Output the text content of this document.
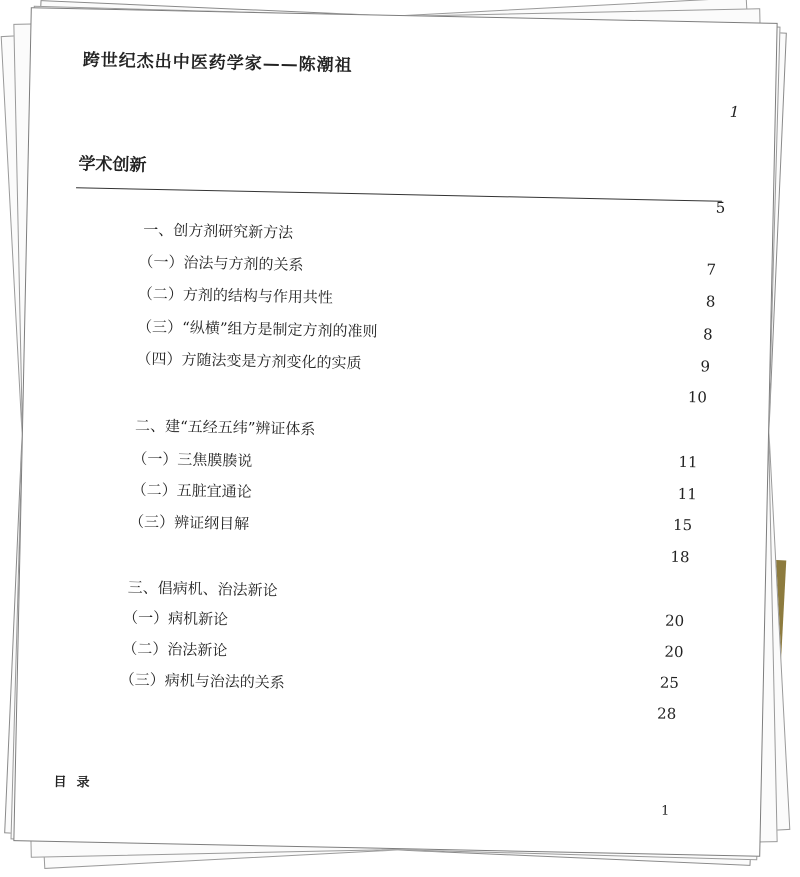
跨世纪杰出中医药学家——陈潮祖
1
学术创新
5
一、创方剂研究新方法
7
（一）治法与方剂的关系
8
（二）方剂的结构与作用共性
8
（三）“纵横”组方是制定方剂的准则
9
（四）方随法变是方剂变化的实质
10
二、建“五经五纬”辨证体系
11
（一）三焦膜腠说
11
（二）五脏宜通论
15
（三）辨证纲目解
18
三、倡病机、治法新论
20
（一）病机新论
20
（二）治法新论
25
（三）病机与治法的关系
28
目录
1
